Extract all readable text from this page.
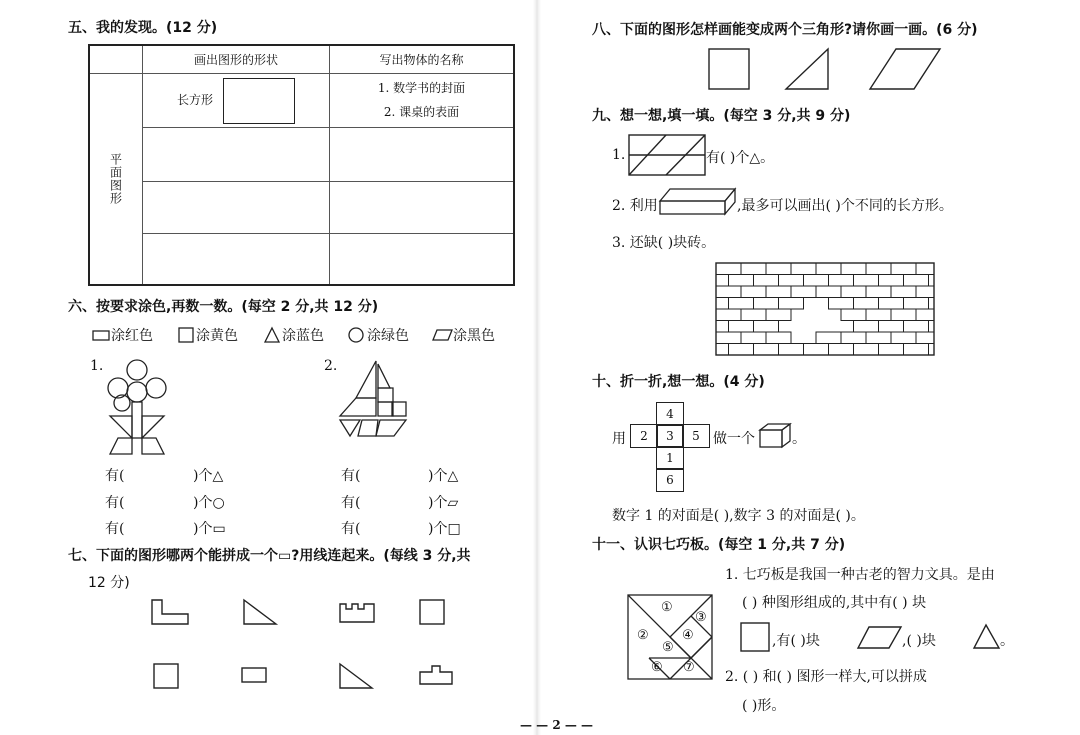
五、我的发现。(12 分)
	画出图形的形状	写出物体的名称
平面图形	长方形	1. 数学书的封面
2. 课桌的表面

六、按要求涂色,再数一数。(每空 2 分,共 12 分)
涂红色	涂黄色	涂蓝色	涂绿色	涂黑色
1.	2.
有(	)个△
有(	)个○
有(	)个▭
有(	)个△
有(	)个▱
有(	)个□
七、下面的图形哪两个能拼成一个▭?用线连起来。(每线 3 分,共
12 分)
八、下面的图形怎样画能变成两个三角形?请你画一画。(6 分)
九、想一想,填一填。(每空 3 分,共 9 分)
1.	有( )个△。
2. 利用	,最多可以画出( )个不同的长方形。
3. 还缺( )块砖。
十、折一折,想一想。(4 分)
用
4
2	3	5
1
6
做一个	。
数字 1 的对面是( ),数字 3 的对面是( )。
十一、认识七巧板。(每空 1 分,共 7 分)
①
②
③
④
⑤
⑥ ⑦
1. 七巧板是我国一种古老的智力文具。是由
( ) 种图形组成的,其中有( ) 块
,有( )块	,( )块	。
2. ( ) 和( ) 图形一样大,可以拼成
( )形。
— — 2 — —
